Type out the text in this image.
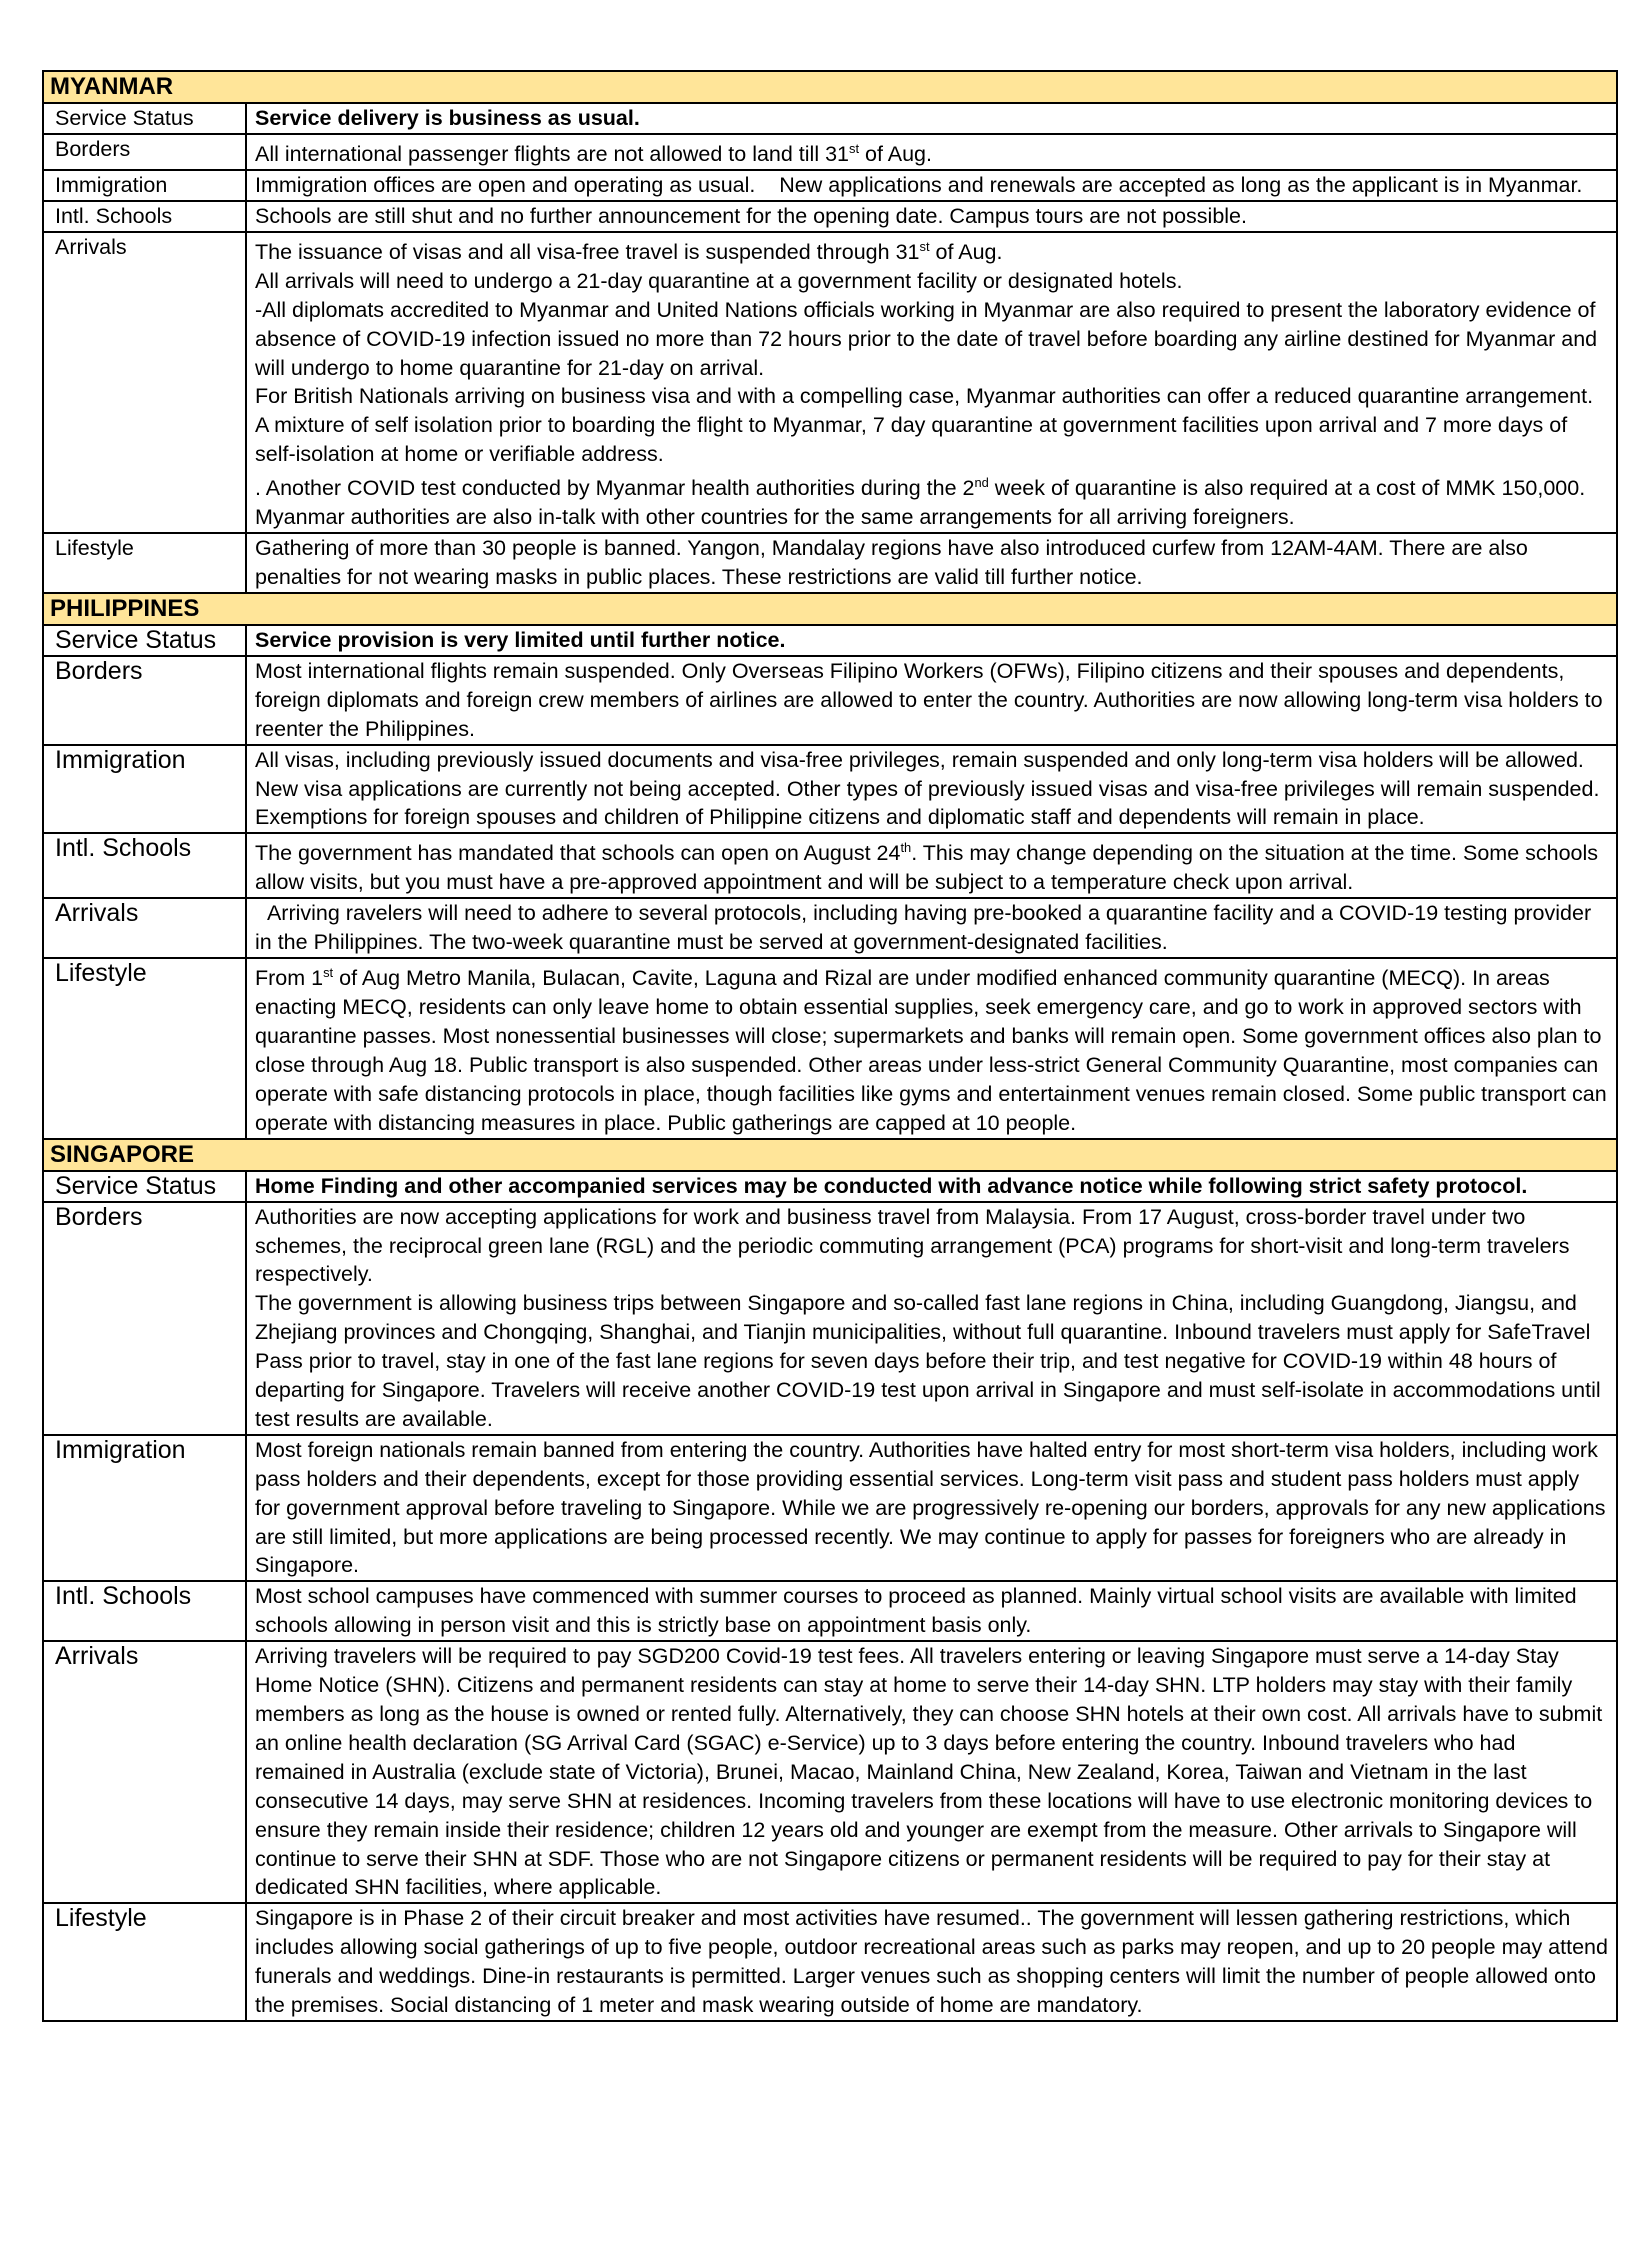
MYANMAR	
Service Status	Service delivery is business as usual.

Borders	All international passenger flights are not allowed to land till 31st of Aug.

Immigration	Immigration offices are open and operating as usual.    New applications and renewals are accepted as long as the applicant is in Myanmar.

Intl. Schools	Schools are still shut and no further announcement for the opening date. Campus tours are not possible.

Arrivals	The issuance of visas and all visa-free travel is suspended through 31st of Aug.
All arrivals will need to undergo a 21-day quarantine at a government facility or designated hotels.
-All diplomats accredited to Myanmar and United Nations officials working in Myanmar are also required to present the laboratory evidence of absence of COVID-19 infection issued no more than 72 hours prior to the date of travel before boarding any airline destined for Myanmar and will undergo to home quarantine for 21-day on arrival.
For British Nationals arriving on business visa and with a compelling case, Myanmar authorities can offer a reduced quarantine arrangement. A mixture of self isolation prior to boarding the flight to Myanmar, 7 day quarantine at government facilities upon arrival and 7 more days of self-isolation at home or verifiable address.
. Another COVID test conducted by Myanmar health authorities during the 2nd week of quarantine is also required at a cost of MMK 150,000. Myanmar authorities are also in-talk with other countries for the same arrangements for all arriving foreigners.

Lifestyle	Gathering of more than 30 people is banned. Yangon, Mandalay regions have also introduced curfew from 12AM-4AM. There are also penalties for not wearing masks in public places. These restrictions are valid till further notice.

PHILIPPINES	
Service Status	Service provision is very limited until further notice.

Borders	Most international flights remain suspended. Only Overseas Filipino Workers (OFWs), Filipino citizens and their spouses and dependents, foreign diplomats and foreign crew members of airlines are allowed to enter the country. Authorities are now allowing long-term visa holders to reenter the Philippines.

Immigration	All visas, including previously issued documents and visa-free privileges, remain suspended and only long-term visa holders will be allowed. New visa applications are currently not being accepted. Other types of previously issued visas and visa-free privileges will remain suspended. Exemptions for foreign spouses and children of Philippine citizens and diplomatic staff and dependents will remain in place.

Intl. Schools	The government has mandated that schools can open on August 24th. This may change depending on the situation at the time. Some schools allow visits, but you must have a pre-approved appointment and will be subject to a temperature check upon arrival.

Arrivals	Arriving ravelers will need to adhere to several protocols, including having pre-booked a quarantine facility and a COVID-19 testing provider in the Philippines. The two-week quarantine must be served at government-designated facilities.

Lifestyle	From 1st of Aug Metro Manila, Bulacan, Cavite, Laguna and Rizal are under modified enhanced community quarantine (MECQ). In areas enacting MECQ, residents can only leave home to obtain essential supplies, seek emergency care, and go to work in approved sectors with quarantine passes. Most nonessential businesses will close; supermarkets and banks will remain open. Some government offices also plan to close through Aug 18. Public transport is also suspended. Other areas under less-strict General Community Quarantine, most companies can operate with safe distancing protocols in place, though facilities like gyms and entertainment venues remain closed. Some public transport can operate with distancing measures in place. Public gatherings are capped at 10 people.

SINGAPORE	
Service Status	Home Finding and other accompanied services may be conducted with advance notice while following strict safety protocol.

Borders	Authorities are now accepting applications for work and business travel from Malaysia. From 17 August, cross-border travel under two schemes, the reciprocal green lane (RGL) and the periodic commuting arrangement (PCA) programs for short-visit and long-term travelers respectively.
The government is allowing business trips between Singapore and so-called fast lane regions in China, including Guangdong, Jiangsu, and Zhejiang provinces and Chongqing, Shanghai, and Tianjin municipalities, without full quarantine. Inbound travelers must apply for SafeTravel Pass prior to travel, stay in one of the fast lane regions for seven days before their trip, and test negative for COVID-19 within 48 hours of departing for Singapore. Travelers will receive another COVID-19 test upon arrival in Singapore and must self-isolate in accommodations until test results are available.

Immigration	Most foreign nationals remain banned from entering the country. Authorities have halted entry for most short-term visa holders, including work pass holders and their dependents, except for those providing essential services. Long-term visit pass and student pass holders must apply for government approval before traveling to Singapore. While we are progressively re-opening our borders, approvals for any new applications are still limited, but more applications are being processed recently. We may continue to apply for passes for foreigners who are already in Singapore.

Intl. Schools	Most school campuses have commenced with summer courses to proceed as planned. Mainly virtual school visits are available with limited schools allowing in person visit and this is strictly base on appointment basis only.

Arrivals	Arriving travelers will be required to pay SGD200 Covid-19 test fees. All travelers entering or leaving Singapore must serve a 14-day Stay Home Notice (SHN). Citizens and permanent residents can stay at home to serve their 14-day SHN. LTP holders may stay with their family members as long as the house is owned or rented fully. Alternatively, they can choose SHN hotels at their own cost. All arrivals have to submit an online health declaration (SG Arrival Card (SGAC) e-Service) up to 3 days before entering the country. Inbound travelers who had remained in Australia (exclude state of Victoria), Brunei, Macao, Mainland China, New Zealand, Korea, Taiwan and Vietnam in the last consecutive 14 days, may serve SHN at residences. Incoming travelers from these locations will have to use electronic monitoring devices to ensure they remain inside their residence; children 12 years old and younger are exempt from the measure. Other arrivals to Singapore will continue to serve their SHN at SDF. Those who are not Singapore citizens or permanent residents will be required to pay for their stay at dedicated SHN facilities, where applicable.

Lifestyle	Singapore is in Phase 2 of their circuit breaker and most activities have resumed.. The government will lessen gathering restrictions, which includes allowing social gatherings of up to five people, outdoor recreational areas such as parks may reopen, and up to 20 people may attend funerals and weddings. Dine-in restaurants is permitted. Larger venues such as shopping centers will limit the number of people allowed onto the premises. Social distancing of 1 meter and mask wearing outside of home are mandatory.
